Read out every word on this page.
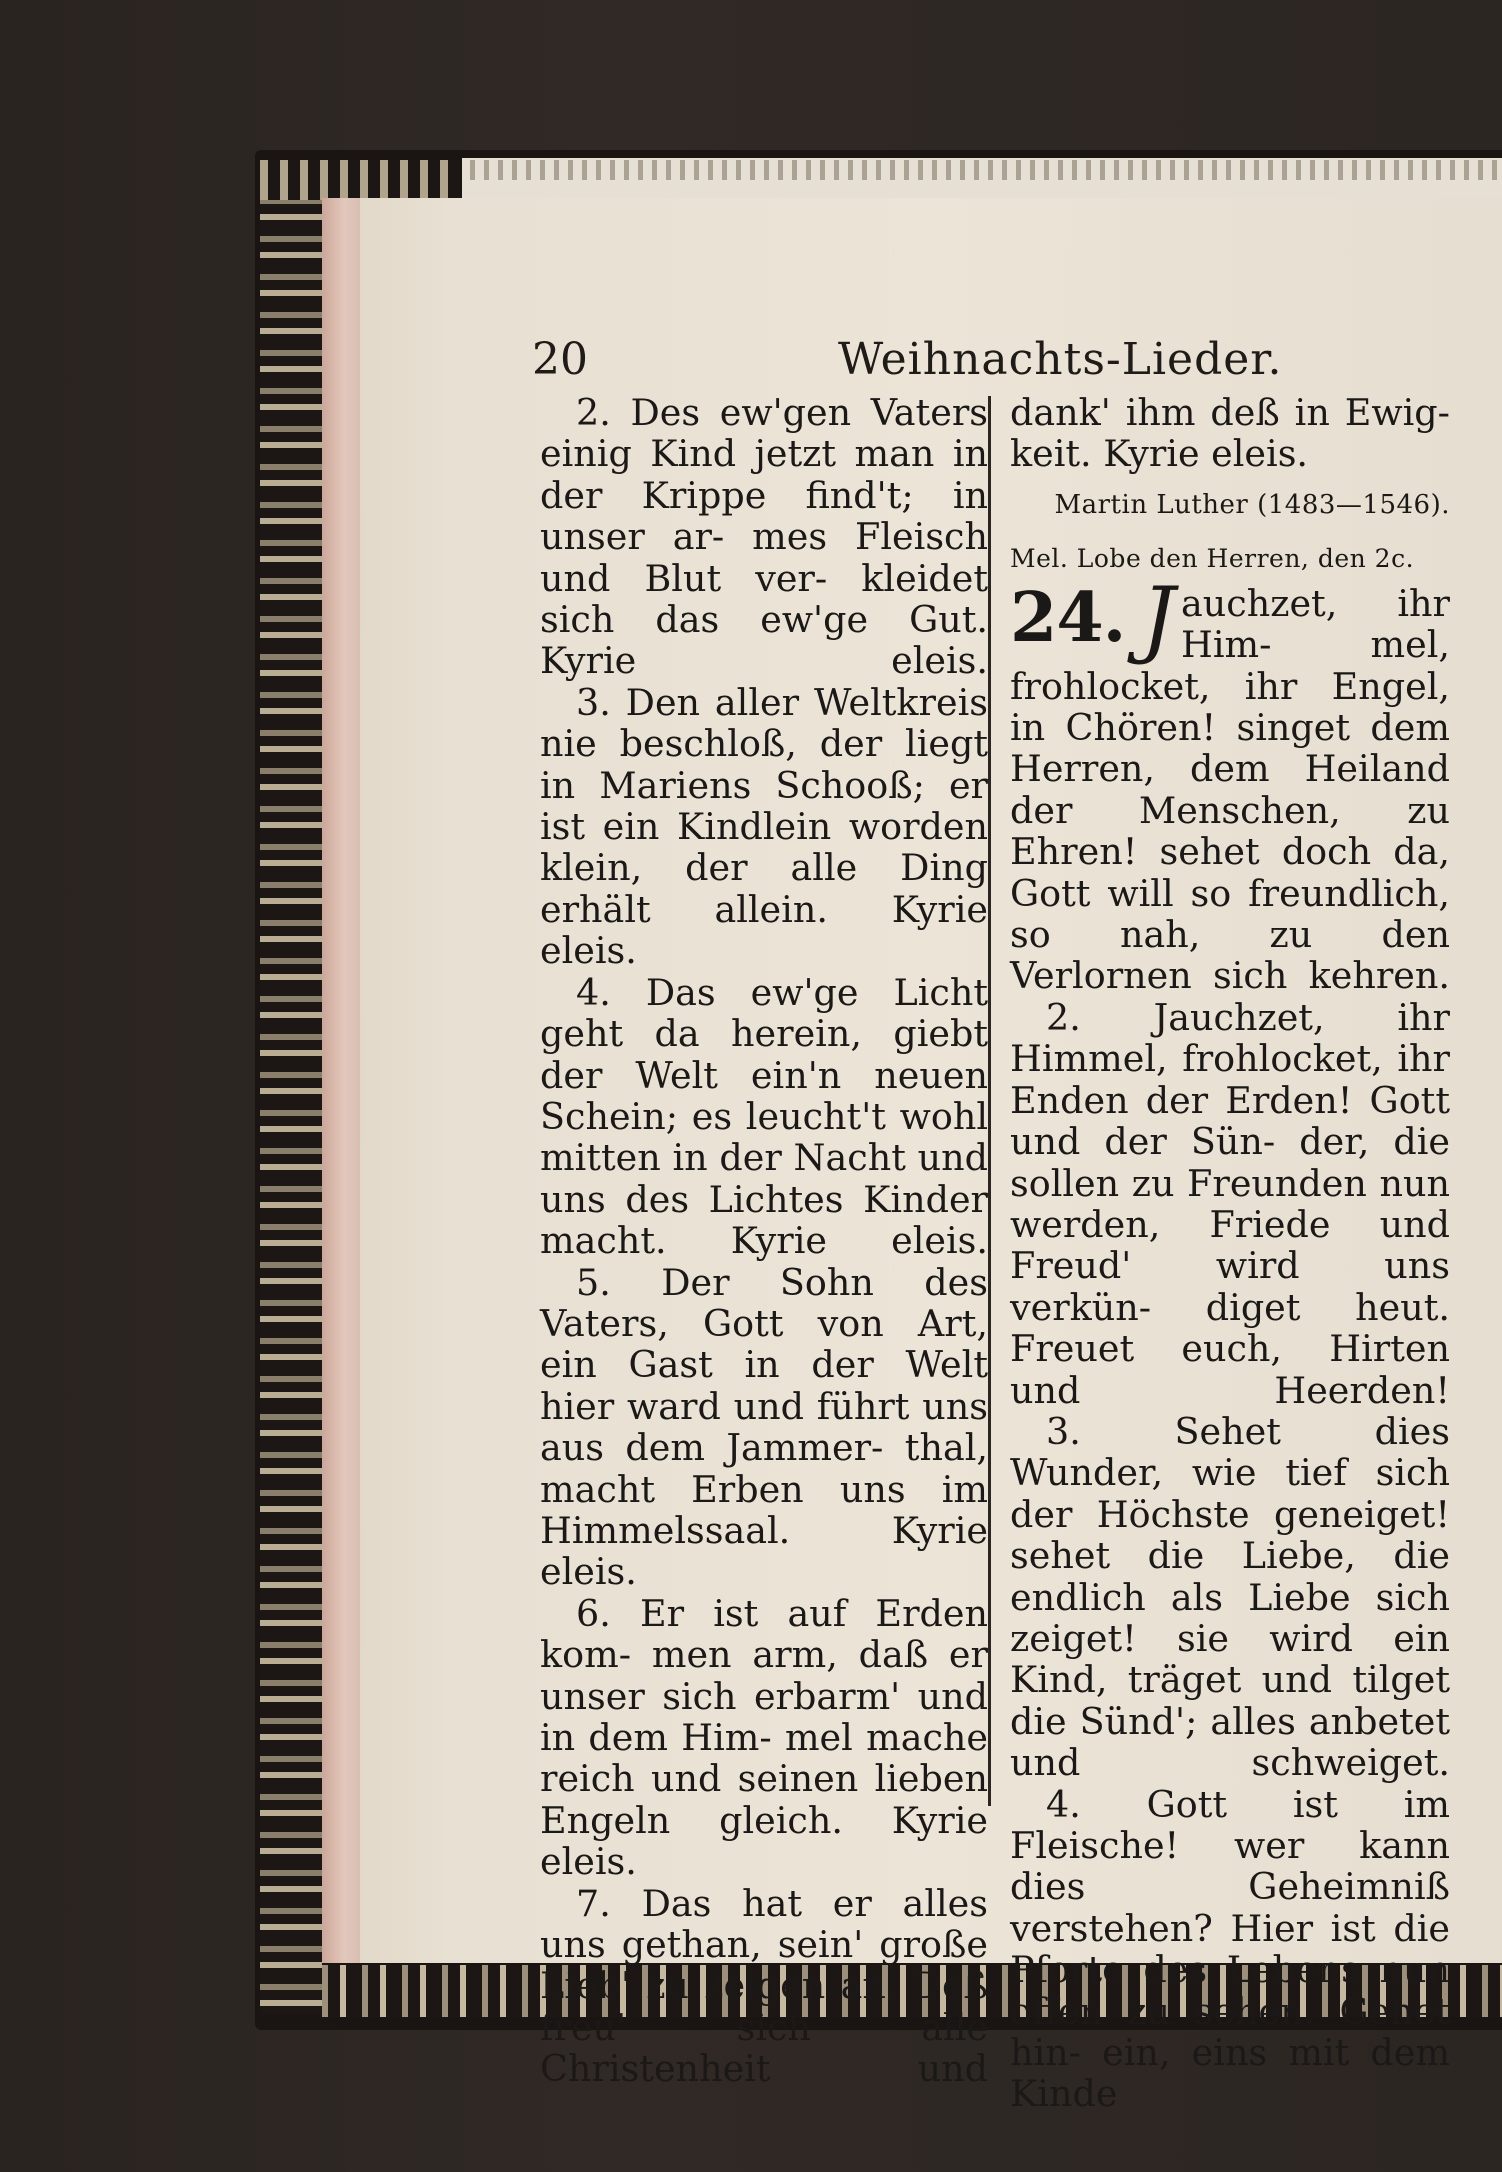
20	Weihnachts-Lieder.

2. Des ew'gen Vaters einig Kind jetzt man in der Krippe find't; in unser ar- mes Fleisch und Blut ver- kleidet sich das ew'ge Gut. Kyrie eleis.

3. Den aller Weltkreis nie beschloß, der liegt in Mariens Schooß; er ist ein Kindlein worden klein, der alle Ding erhält allein. Kyrie eleis.

4. Das ew'ge Licht geht da herein, giebt der Welt ein'n neuen Schein; es leucht't wohl mitten in der Nacht und uns des Lichtes Kinder macht. Kyrie eleis.

5. Der Sohn des Vaters, Gott von Art, ein Gast in der Welt hier ward und führt uns aus dem Jammer- thal, macht Erben uns im Himmelssaal. Kyrie eleis.

6. Er ist auf Erden kom- men arm, daß er unser sich erbarm' und in dem Him- mel mache reich und seinen lieben Engeln gleich. Kyrie eleis.

7. Das hat er alles uns gethan, sein' große Lieb' zu zeigen an. Deß freu' sich alle Christenheit und

dank' ihm deß in Ewig- keit. Kyrie eleis.

Martin Luther (1483—1546).

Mel. Lobe den Herren, den 2c.

24. J auchzet, ihr Him- mel, frohlocket, ihr Engel, in Chören! singet dem Herren, dem Heiland der Menschen, zu Ehren! sehet doch da, Gott will so freundlich, so nah, zu den Verlornen sich kehren.

2. Jauchzet, ihr Himmel, frohlocket, ihr Enden der Erden! Gott und der Sün- der, die sollen zu Freunden nun werden, Friede und Freud' wird uns verkün- diget heut. Freuet euch, Hirten und Heerden!

3. Sehet dies Wunder, wie tief sich der Höchste geneiget! sehet die Liebe, die endlich als Liebe sich zeiget! sie wird ein Kind, träget und tilget die Sünd'; alles anbetet und schweiget.

4. Gott ist im Fleische! wer kann dies Geheimniß verstehen? Hier ist die Pforte des Lebens nun offen zu sehen. Gehet hin- ein, eins mit dem Kinde
